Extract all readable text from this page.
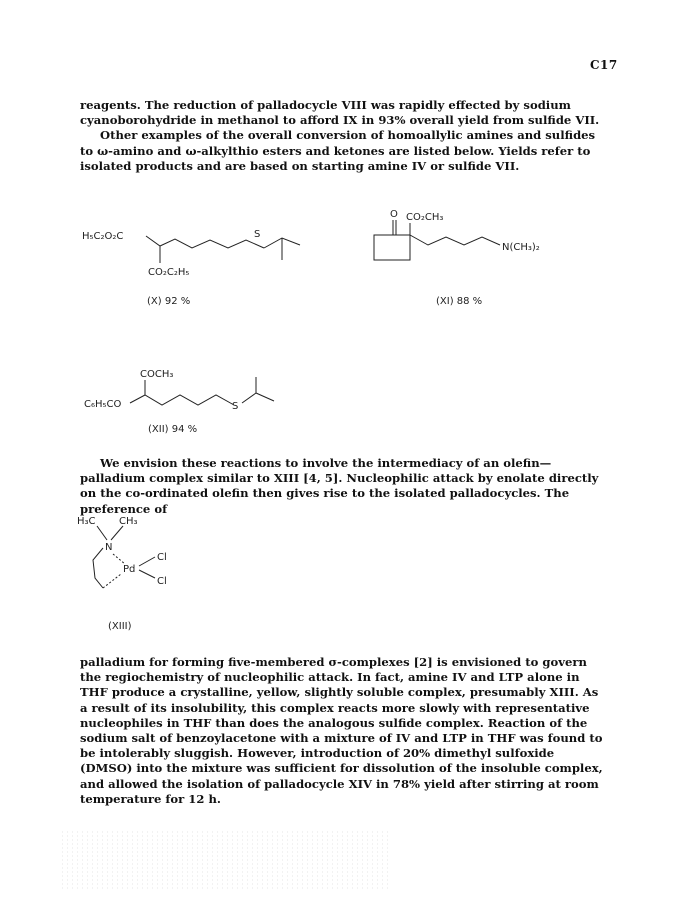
C17
reagents. The reduction of palladocycle VIII was rapidly effected by sodium cyanoborohydride in methanol to afford IX in 93% overall yield from sulfide VII.
Other examples of the overall conversion of homoallylic amines and sulfides to ω-amino and ω-alkylthio esters and ketones are listed below. Yields refer to isolated products and are based on starting amine IV or sulfide VII.
H₅C₂O₂C	S
CO₂C₂H₅
(X) 92 %
O CO₂CH₃
N(CH₃)₂
(XI) 88 %
COCH₃
C₆H₅CO	S
(XII) 94 %
We envision these reactions to involve the intermediacy of an olefin—palladium complex similar to XIII [4, 5]. Nucleophilic attack by enolate directly on the co-ordinated olefin then gives rise to the isolated palladocycles. The preference of
H₃C CH₃
N
Pd
Cl
Cl
(XIII)
palladium for forming five-membered σ-complexes [2] is envisioned to govern the regiochemistry of nucleophilic attack. In fact, amine IV and LTP alone in THF produce a crystalline, yellow, slightly soluble complex, presumably XIII. As a result of its insolubility, this complex reacts more slowly with representative nucleophiles in THF than does the analogous sulfide complex. Reaction of the sodium salt of benzoylacetone with a mixture of IV and LTP in THF was found to be intolerably sluggish. However, introduction of 20% dimethyl sulfoxide (DMSO) into the mixture was sufficient for dissolution of the insoluble complex, and allowed the isolation of palladocycle XIV in 78% yield after stirring at room temperature for 12 h.
